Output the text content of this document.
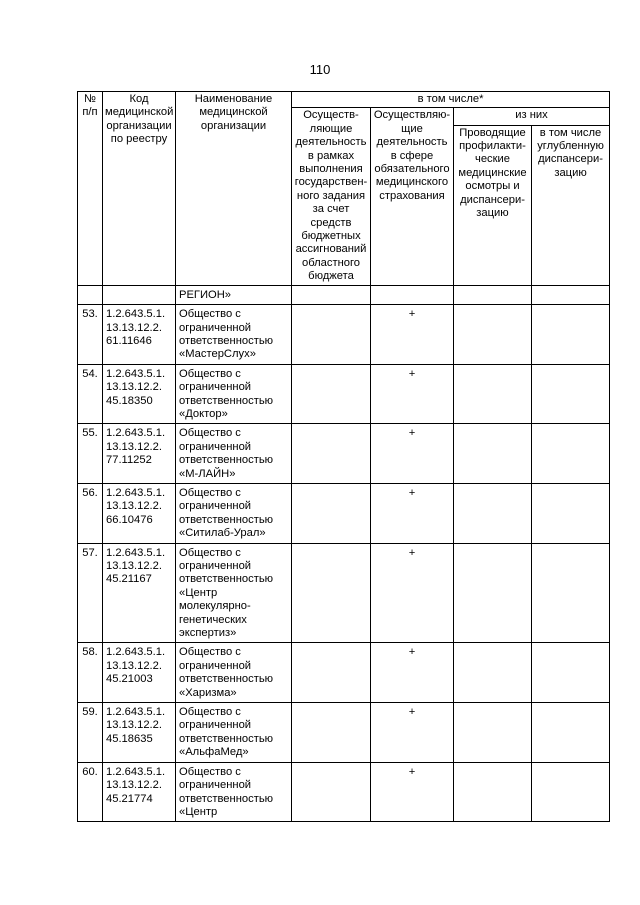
110
№ п/п	Код медицинской организации по реестру	Наименование медицинской организации	в том числе*			
			Осуществ-ляющие деятельность в рамках выполнения государствен-ного задания за счет средств бюджетных ассигнований областного бюджета	Осуществляю-щие деятельность в сфере обязательного медицинского страхования	из них	
					Проводящие профилакти-ческие медицинские осмотры и диспансери-зацию	в том числе углубленную диспансери-зацию
		РЕГИОН»				
53.	1.2.643.5.1. 13.13.12.2. 61.11646	Общество с ограниченной ответственностью «МастерСлух»		+		
54.	1.2.643.5.1. 13.13.12.2. 45.18350	Общество с ограниченной ответственностью «Доктор»		+		
55.	1.2.643.5.1. 13.13.12.2. 77.11252	Общество с ограниченной ответственностью «М-ЛАЙН»		+		
56.	1.2.643.5.1. 13.13.12.2. 66.10476	Общество с ограниченной ответственностью «Ситилаб-Урал»		+		
57.	1.2.643.5.1. 13.13.12.2. 45.21167	Общество с ограниченной ответственностью «Центр молекулярно-генетических экспертиз»		+		
58.	1.2.643.5.1. 13.13.12.2. 45.21003	Общество с ограниченной ответственностью «Харизма»		+		
59.	1.2.643.5.1. 13.13.12.2. 45.18635	Общество с ограниченной ответственностью «АльфаМед»		+		
60.	1.2.643.5.1. 13.13.12.2. 45.21774	Общество с ограниченной ответственностью «Центр		+		
